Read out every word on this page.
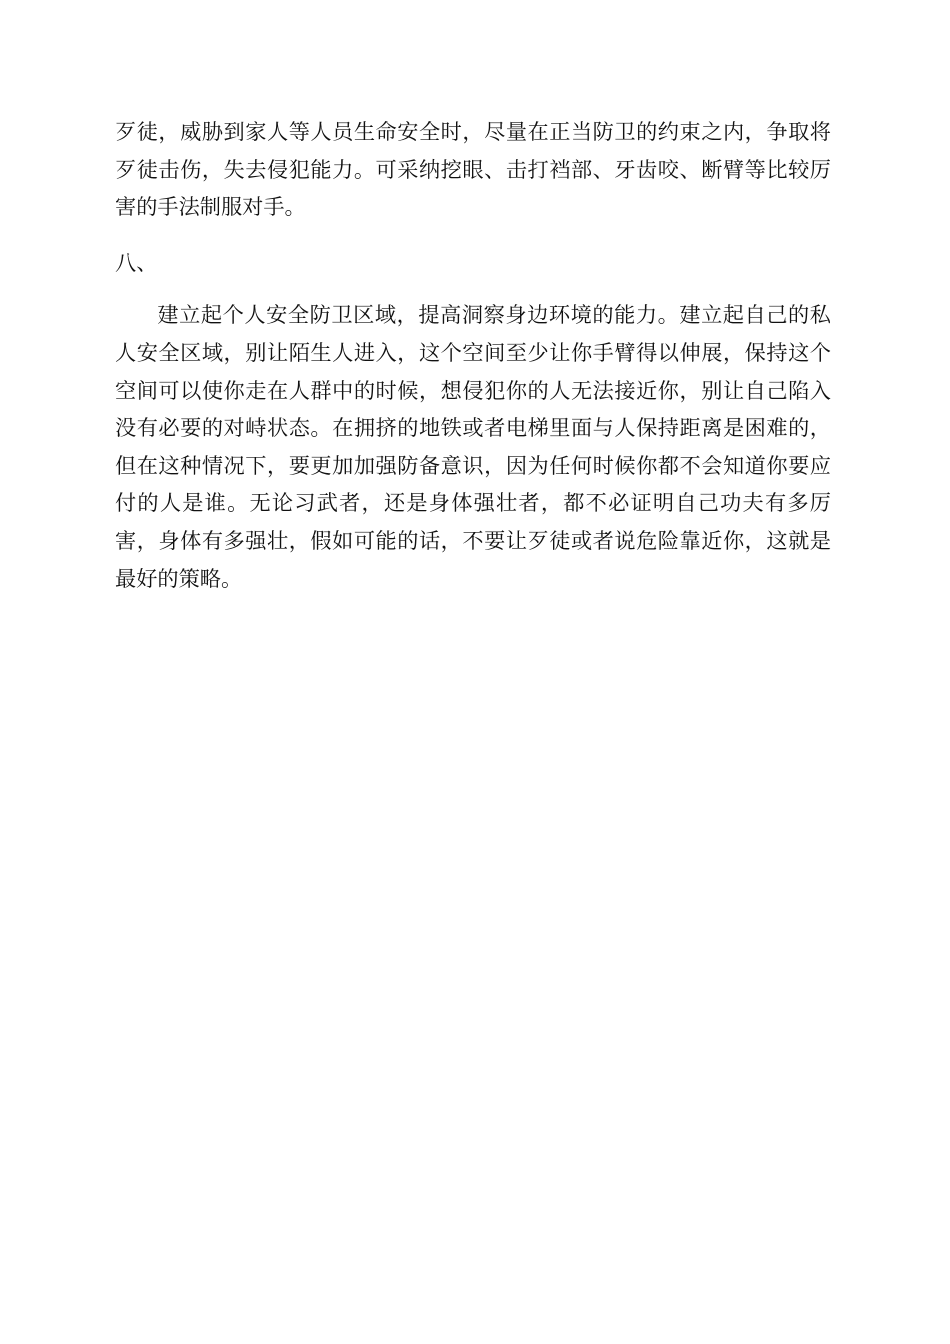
歹徒，威胁到家人等人员生命安全时，尽量在正当防卫的约束之内，争取将歹徒击伤，失去侵犯能力。可采纳挖眼、击打裆部、牙齿咬、断臂等比较厉害的手法制服对手。

八、

建立起个人安全防卫区域，提高洞察身边环境的能力。建立起自己的私人安全区域，别让陌生人进入，这个空间至少让你手臂得以伸展，保持这个空间可以使你走在人群中的时候，想侵犯你的人无法接近你，别让自己陷入没有必要的对峙状态。在拥挤的地铁或者电梯里面与人保持距离是困难的，但在这种情况下，要更加加强防备意识，因为任何时候你都不会知道你要应付的人是谁。无论习武者，还是身体强壮者，都不必证明自己功夫有多厉害，身体有多强壮，假如可能的话，不要让歹徒或者说危险靠近你，这就是最好的策略。
